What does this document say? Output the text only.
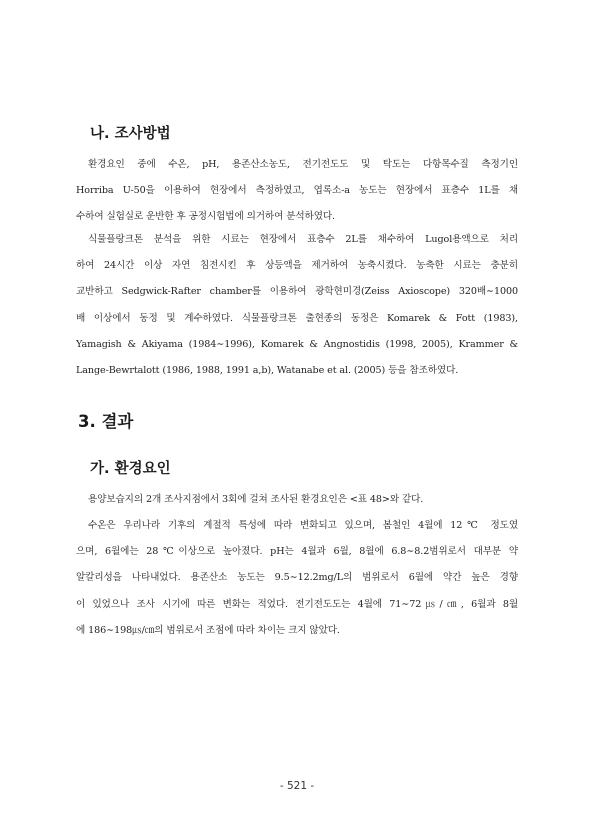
나. 조사방법
환경요인 중에 수온, pH, 용존산소농도, 전기전도도 및 탁도는 다항목수질 측정기인
Horriba U-50을 이용하여 현장에서 측정하였고, 엽록소-a 농도는 현장에서 표층수 1L를 채
수하여 실험실로 운반한 후 공정시험법에 의거하여 분석하였다.
식물플랑크톤 분석을 위한 시료는 현장에서 표층수 2L를 채수하여 Lugol용액으로 처리
하여 24시간 이상 자연 침전시킨 후 상등액을 제거하여 농축시켰다. 농축한 시료는 충분히
교반하고 Sedgwick-Rafter chamber를 이용하여 광학현미경(Zeiss Axioscope) 320배∼1000
배 이상에서 동정 및 계수하였다. 식물플랑크톤 출현종의 동정은 Komarek & Fott (1983),
Yamagish & Akiyama (1984∼1996), Komarek & Angnostidis (1998, 2005), Krammer &
Lange-Bewrtalott (1986, 1988, 1991 a,b), Watanabe et al. (2005) 등을 참조하였다.
3. 결과
가. 환경요인
용양보습지의 2개 조사지점에서 3회에 걸쳐 조사된 환경요인은 <표 48>와 같다.
수온은 우리나라 기후의 계절적 특성에 따라 변화되고 있으며, 봄철인 4월에 12℃ 정도였
으며, 6월에는 28℃이상으로 높아졌다. pH는 4월과 6월, 8월에 6.8∼8.2범위로서 대부분 약
알칼리성을 나타내었다. 용존산소 농도는 9.5∼12.2mg/L의 범위로서 6월에 약간 높은 경향
이 있었으나 조사 시기에 따른 변화는 적었다. 전기전도도는 4월에 71∼72㎲/㎝, 6월과 8월
에 186∼198㎲/㎝의 범위로서 조점에 따라 차이는 크지 않았다.

- 521 -
